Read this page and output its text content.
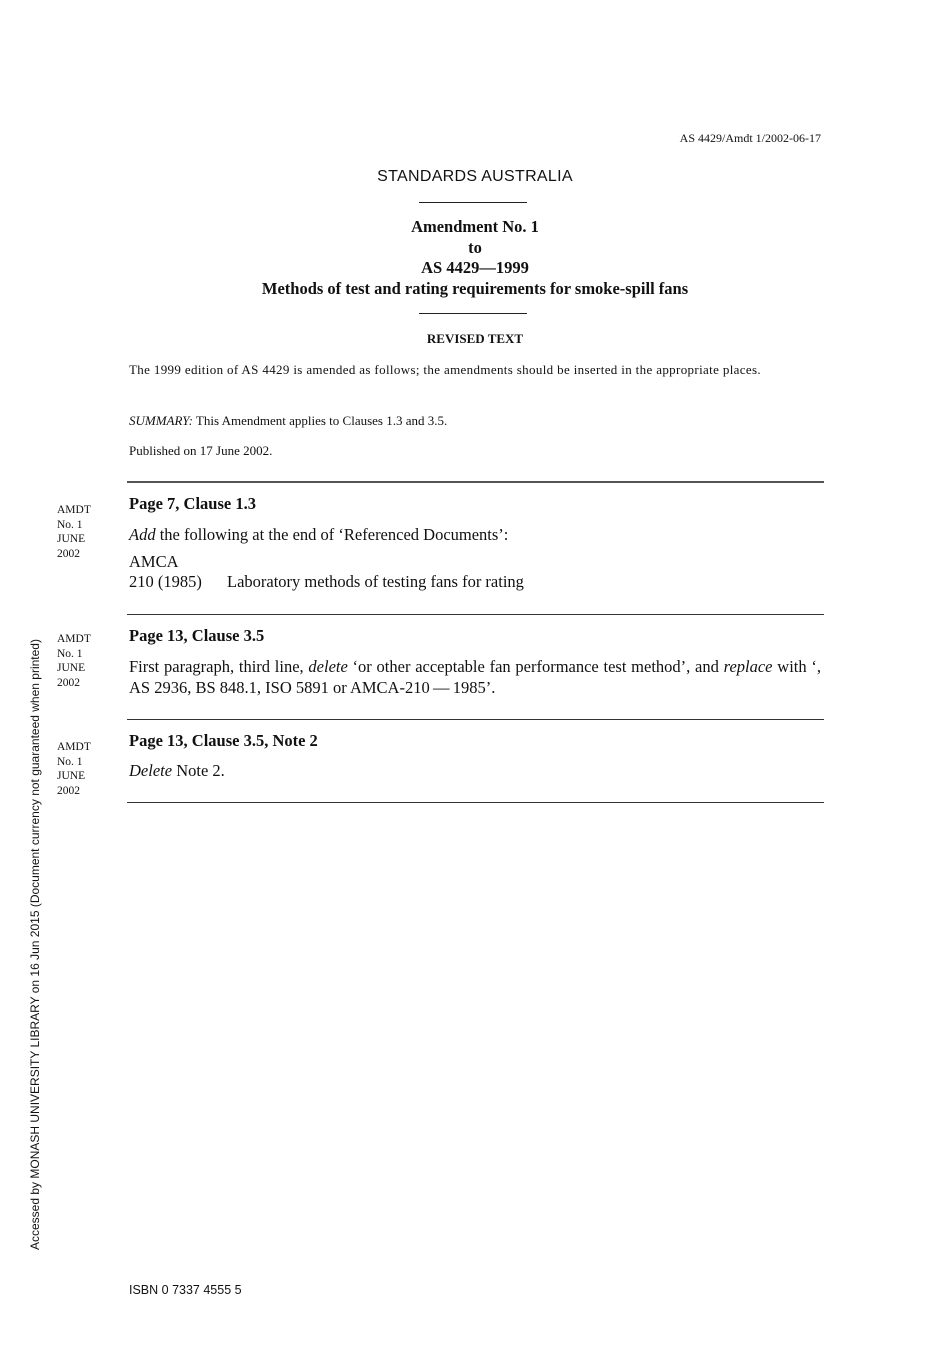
AS 4429/Amdt 1/2002-06-17
STANDARDS AUSTRALIA
Amendment No. 1
to
AS 4429—1999
Methods of test and rating requirements for smoke-spill fans
REVISED TEXT
The 1999 edition of AS 4429 is amended as follows; the amendments should be inserted in the appropriate places.
SUMMARY: This Amendment applies to Clauses 1.3 and 3.5.
Published on 17 June 2002.
AMDT
No. 1
JUNE
2002
Page 7, Clause 1.3
Add the following at the end of ‘Referenced Documents’:
AMCA
210 (1985) Laboratory methods of testing fans for rating
AMDT
No. 1
JUNE
2002
Page 13, Clause 3.5
First paragraph, third line, delete ‘or other acceptable fan performance test method’, and replace with ‘, AS 2936, BS 848.1, ISO 5891 or AMCA-210 — 1985’.
AMDT
No. 1
JUNE
2002
Page 13, Clause 3.5, Note 2
Delete Note 2.
Accessed by MONASH UNIVERSITY LIBRARY on 16 Jun 2015 (Document currency not guaranteed when printed)
ISBN 0 7337 4555 5
